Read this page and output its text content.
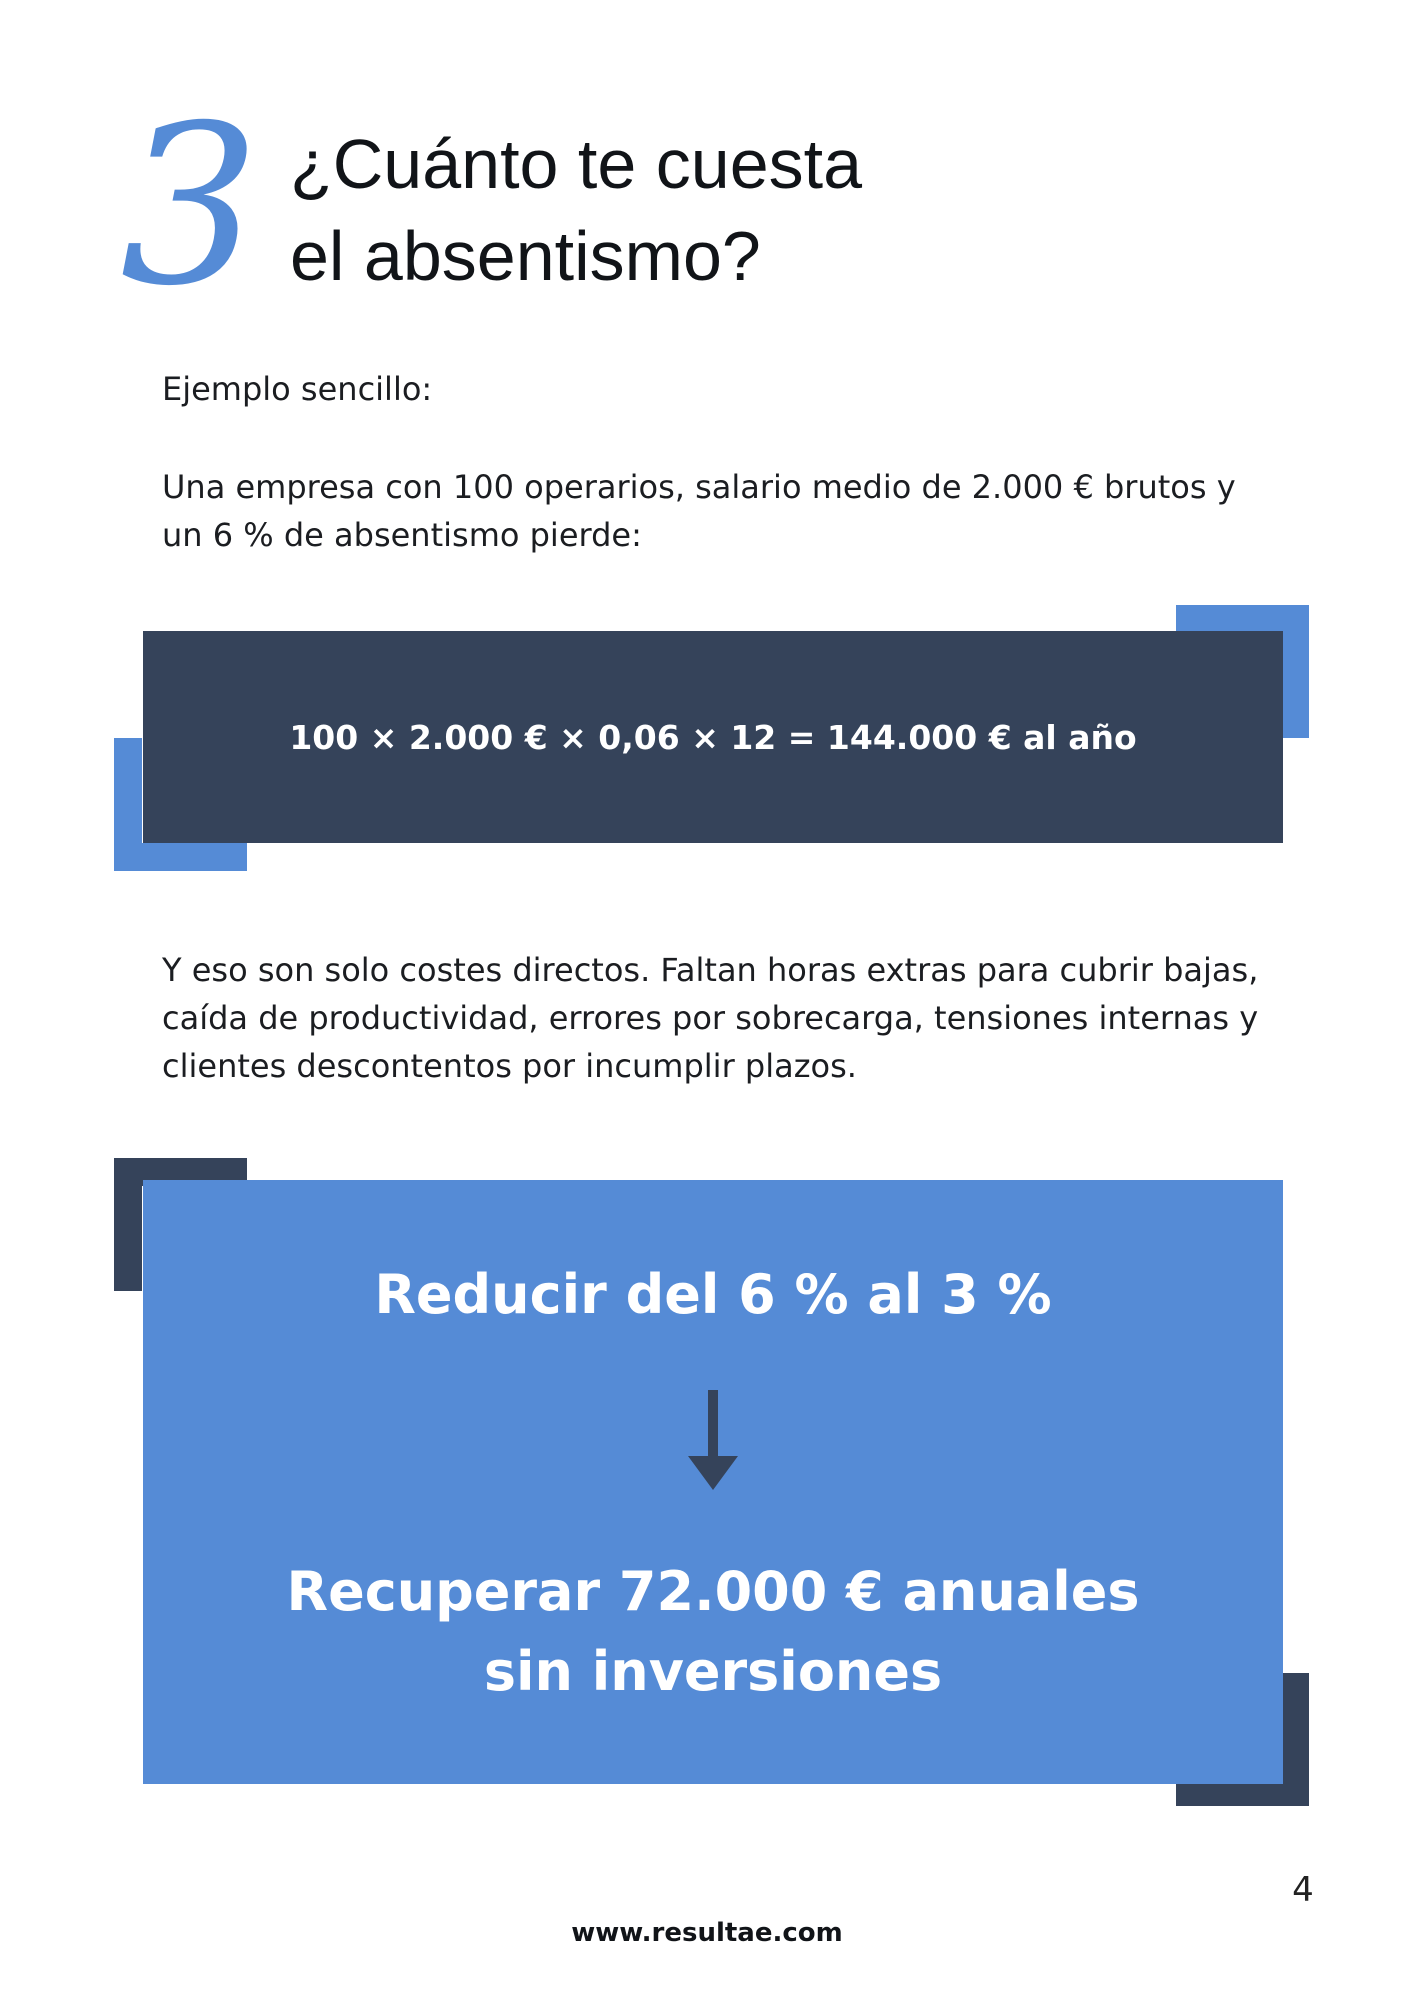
3 ¿Cuánto te cuesta
el absentismo?
Ejemplo sencillo:
Una empresa con 100 operarios, salario medio de 2.000 € brutos y un 6 % de absentismo pierde:
100 × 2.000 € × 0,06 × 12 = 144.000 € al año
Y eso son solo costes directos. Faltan horas extras para cubrir bajas, caída de productividad, errores por sobrecarga, tensiones internas y clientes descontentos por incumplir plazos.
Reducir del 6 % al 3 %
Recuperar 72.000 € anuales
sin inversiones
4
www.resultae.com
